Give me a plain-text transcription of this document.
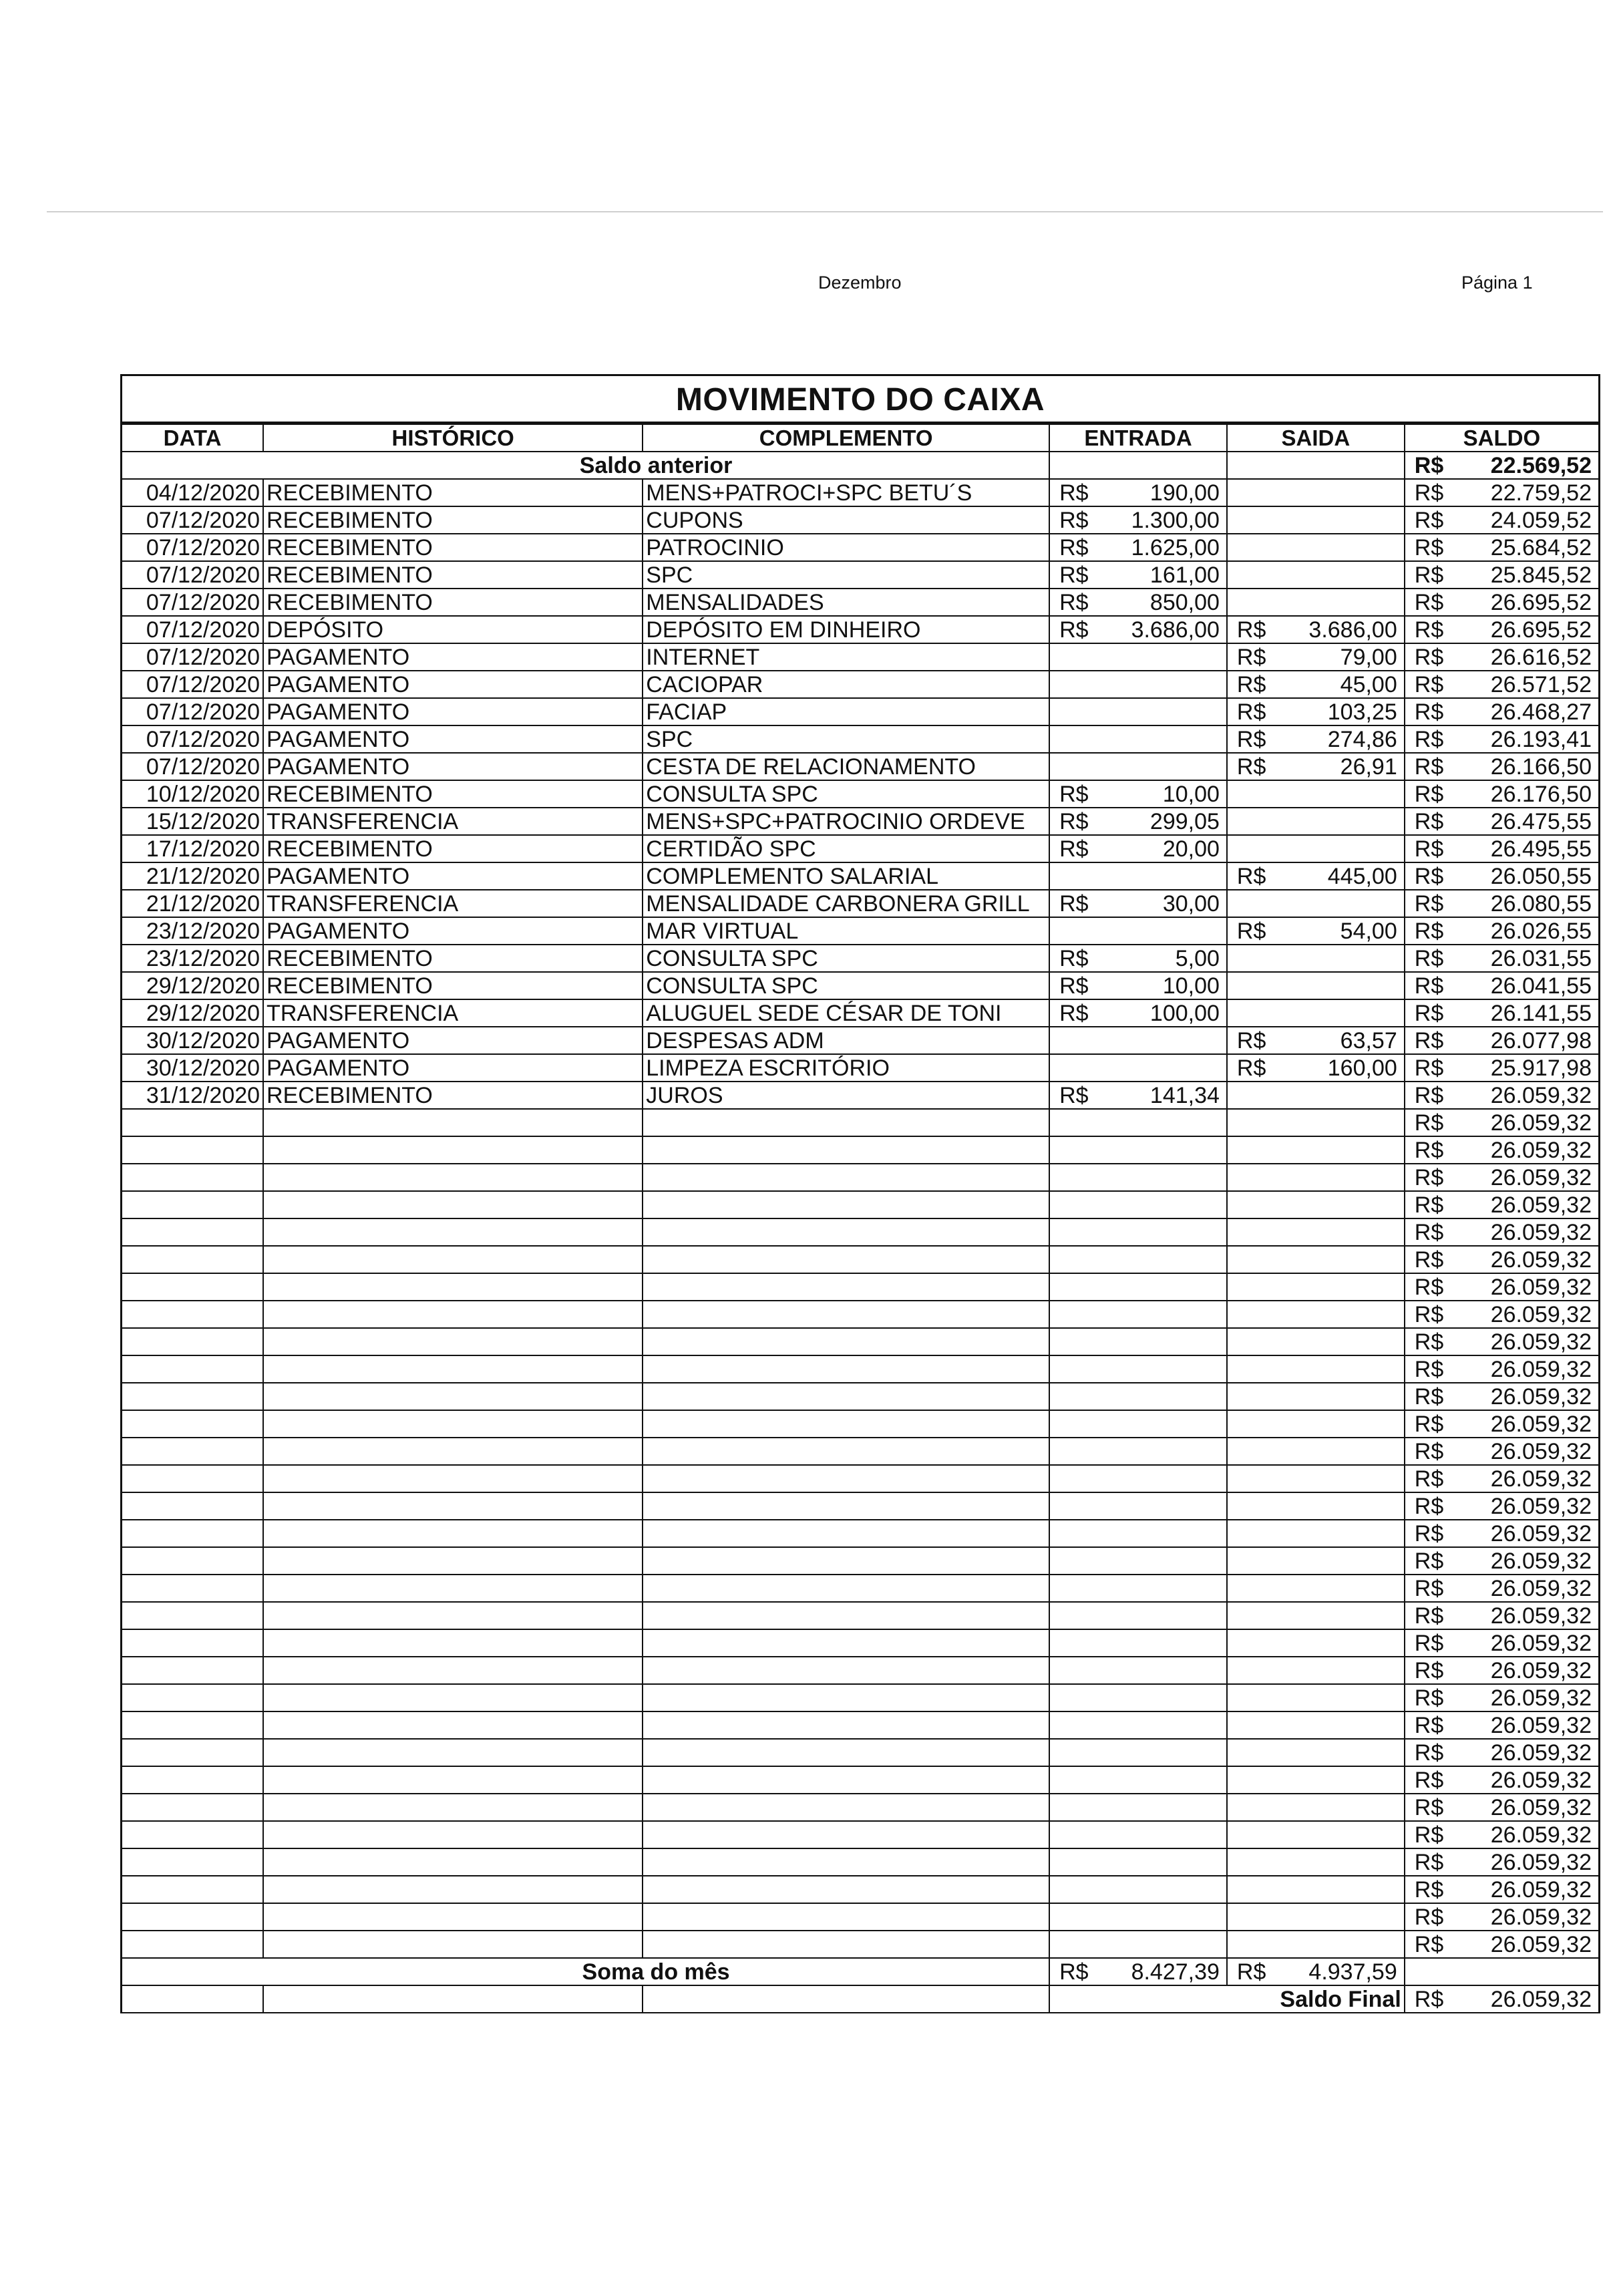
Dezembro	Página 1
MOVIMENTO DO CAIXA
DATA	HISTÓRICO	COMPLEMENTO	ENTRADA	SAIDA	SALDO
	Saldo anterior				R$ 22.569,52

04/12/2020	RECEBIMENTO	MENS+PATROCI+SPC BETU´S	R$ 190,00		R$ 22.759,52

07/12/2020	RECEBIMENTO	CUPONS	R$ 1.300,00		R$ 24.059,52

07/12/2020	RECEBIMENTO	PATROCINIO	R$ 1.625,00		R$ 25.684,52

07/12/2020	RECEBIMENTO	SPC	R$ 161,00		R$ 25.845,52

07/12/2020	RECEBIMENTO	MENSALIDADES	R$ 850,00		R$ 26.695,52

07/12/2020	DEPÓSITO	DEPÓSITO EM DINHEIRO	R$ 3.686,00	R$ 3.686,00	R$ 26.695,52

07/12/2020	PAGAMENTO	INTERNET		R$ 79,00	R$ 26.616,52

07/12/2020	PAGAMENTO	CACIOPAR		R$ 45,00	R$ 26.571,52

07/12/2020	PAGAMENTO	FACIAP		R$ 103,25	R$ 26.468,27

07/12/2020	PAGAMENTO	SPC		R$ 274,86	R$ 26.193,41

07/12/2020	PAGAMENTO	CESTA DE RELACIONAMENTO		R$ 26,91	R$ 26.166,50

10/12/2020	RECEBIMENTO	CONSULTA SPC	R$ 10,00		R$ 26.176,50

15/12/2020	TRANSFERENCIA	MENS+SPC+PATROCINIO ORDEVE	R$ 299,05		R$ 26.475,55

17/12/2020	RECEBIMENTO	CERTIDÃO SPC	R$ 20,00		R$ 26.495,55

21/12/2020	PAGAMENTO	COMPLEMENTO SALARIAL		R$ 445,00	R$ 26.050,55

21/12/2020	TRANSFERENCIA	MENSALIDADE CARBONERA GRILL	R$ 30,00		R$ 26.080,55

23/12/2020	PAGAMENTO	MAR VIRTUAL		R$ 54,00	R$ 26.026,55

23/12/2020	RECEBIMENTO	CONSULTA SPC	R$ 5,00		R$ 26.031,55

29/12/2020	RECEBIMENTO	CONSULTA SPC	R$ 10,00		R$ 26.041,55

29/12/2020	TRANSFERENCIA	ALUGUEL SEDE CÉSAR DE TONI	R$ 100,00		R$ 26.141,55

30/12/2020	PAGAMENTO	DESPESAS ADM		R$ 63,57	R$ 26.077,98

30/12/2020	PAGAMENTO	LIMPEZA ESCRITÓRIO		R$ 160,00	R$ 25.917,98

31/12/2020	RECEBIMENTO	JUROS	R$ 141,34		R$ 26.059,32

					R$ 26.059,32

					R$ 26.059,32

					R$ 26.059,32

					R$ 26.059,32

					R$ 26.059,32

					R$ 26.059,32

					R$ 26.059,32

					R$ 26.059,32

					R$ 26.059,32

					R$ 26.059,32

					R$ 26.059,32

					R$ 26.059,32

					R$ 26.059,32

					R$ 26.059,32

					R$ 26.059,32

					R$ 26.059,32

					R$ 26.059,32

					R$ 26.059,32

					R$ 26.059,32

					R$ 26.059,32

					R$ 26.059,32

					R$ 26.059,32

					R$ 26.059,32

					R$ 26.059,32

					R$ 26.059,32

					R$ 26.059,32

					R$ 26.059,32

					R$ 26.059,32

					R$ 26.059,32

					R$ 26.059,32

					R$ 26.059,32

	Soma do mês		R$ 8.427,39	R$ 4.937,59	

			Saldo Final		R$ 26.059,32
